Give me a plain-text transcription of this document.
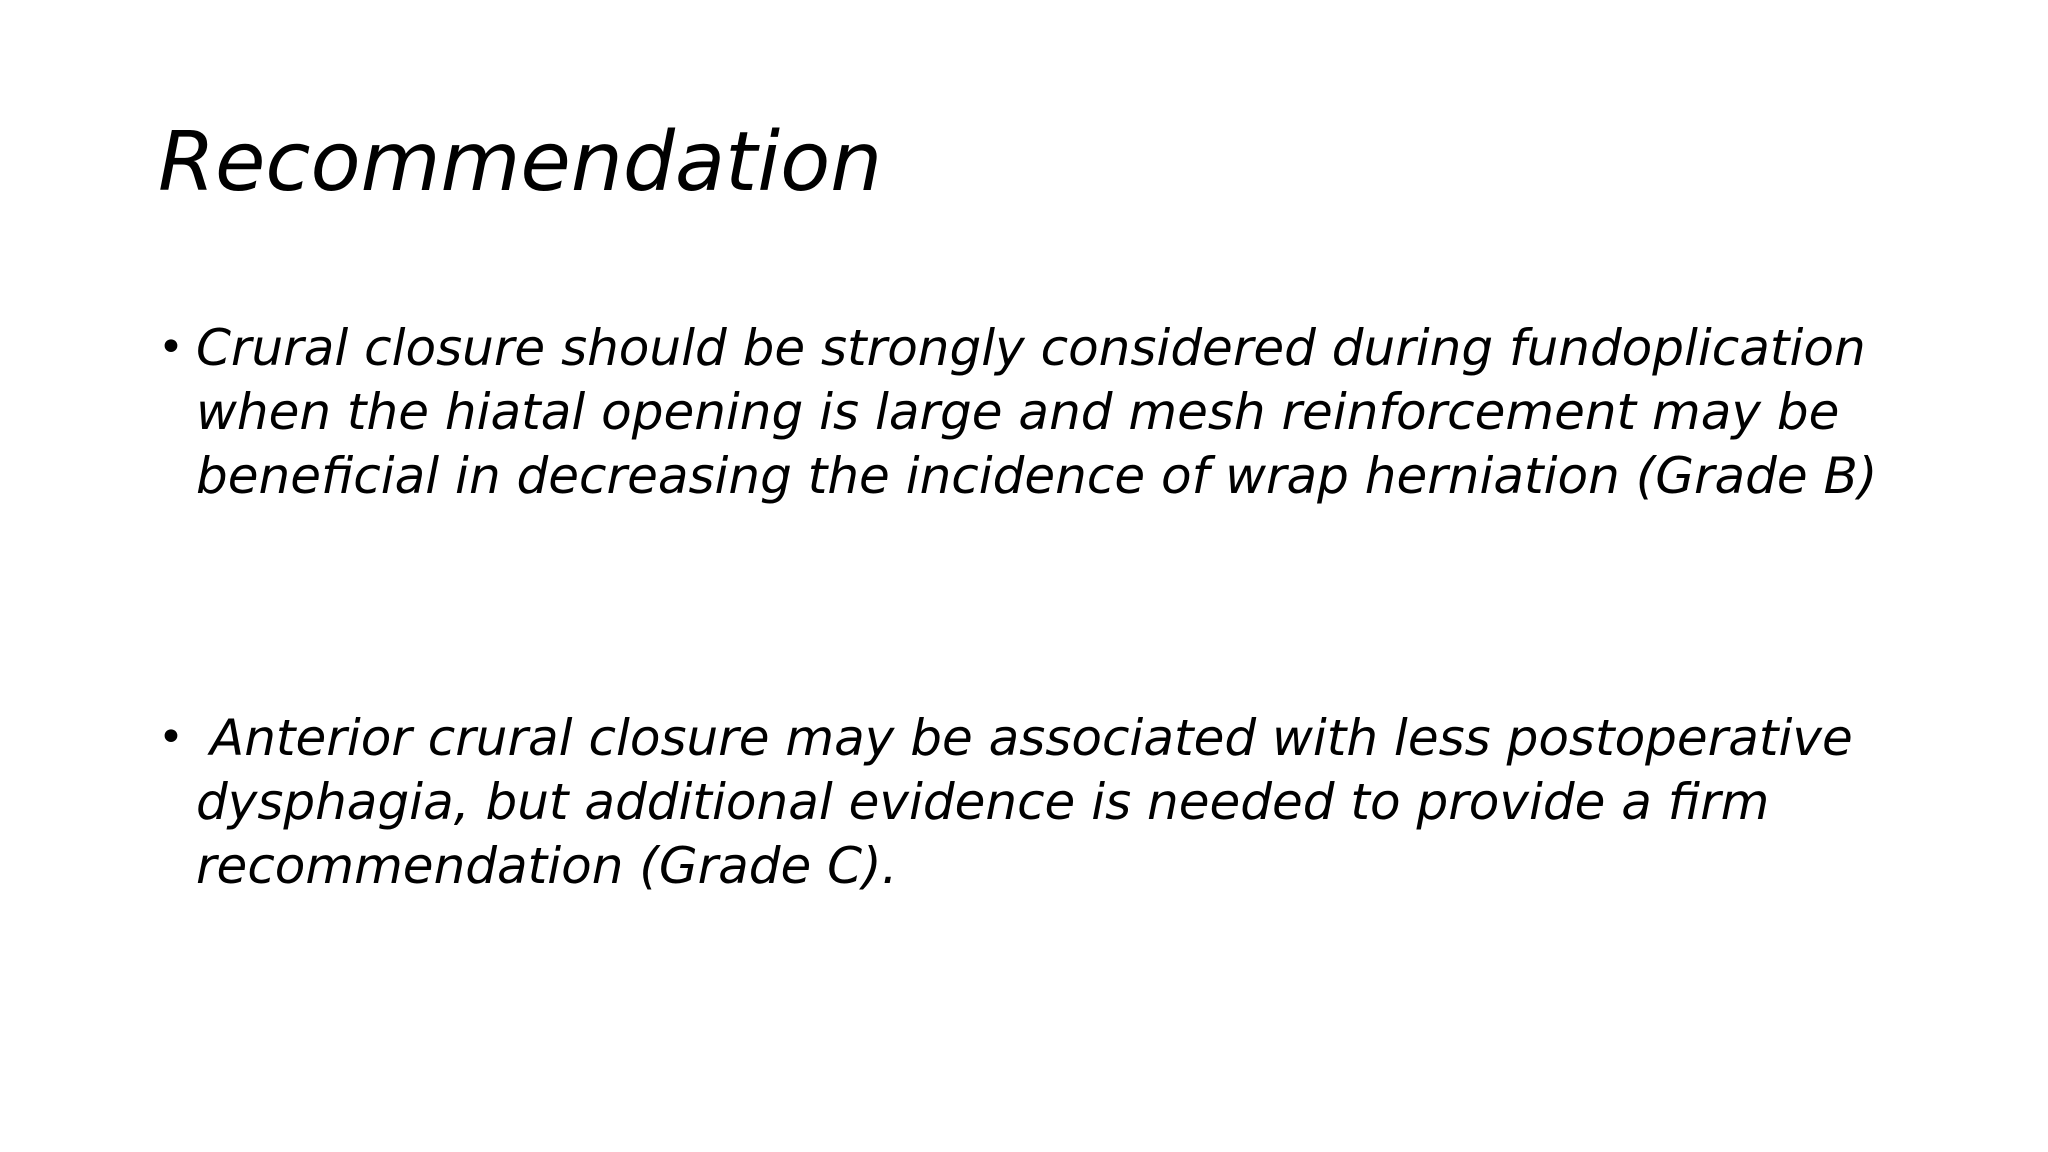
Recommendation
• Crural closure should be strongly considered during fundoplication
when the hiatal opening is large and mesh reinforcement may be
beneficial in decreasing the incidence of wrap herniation (Grade B)
• Anterior crural closure may be associated with less postoperative
dysphagia, but additional evidence is needed to provide a firm
recommendation (Grade C).
